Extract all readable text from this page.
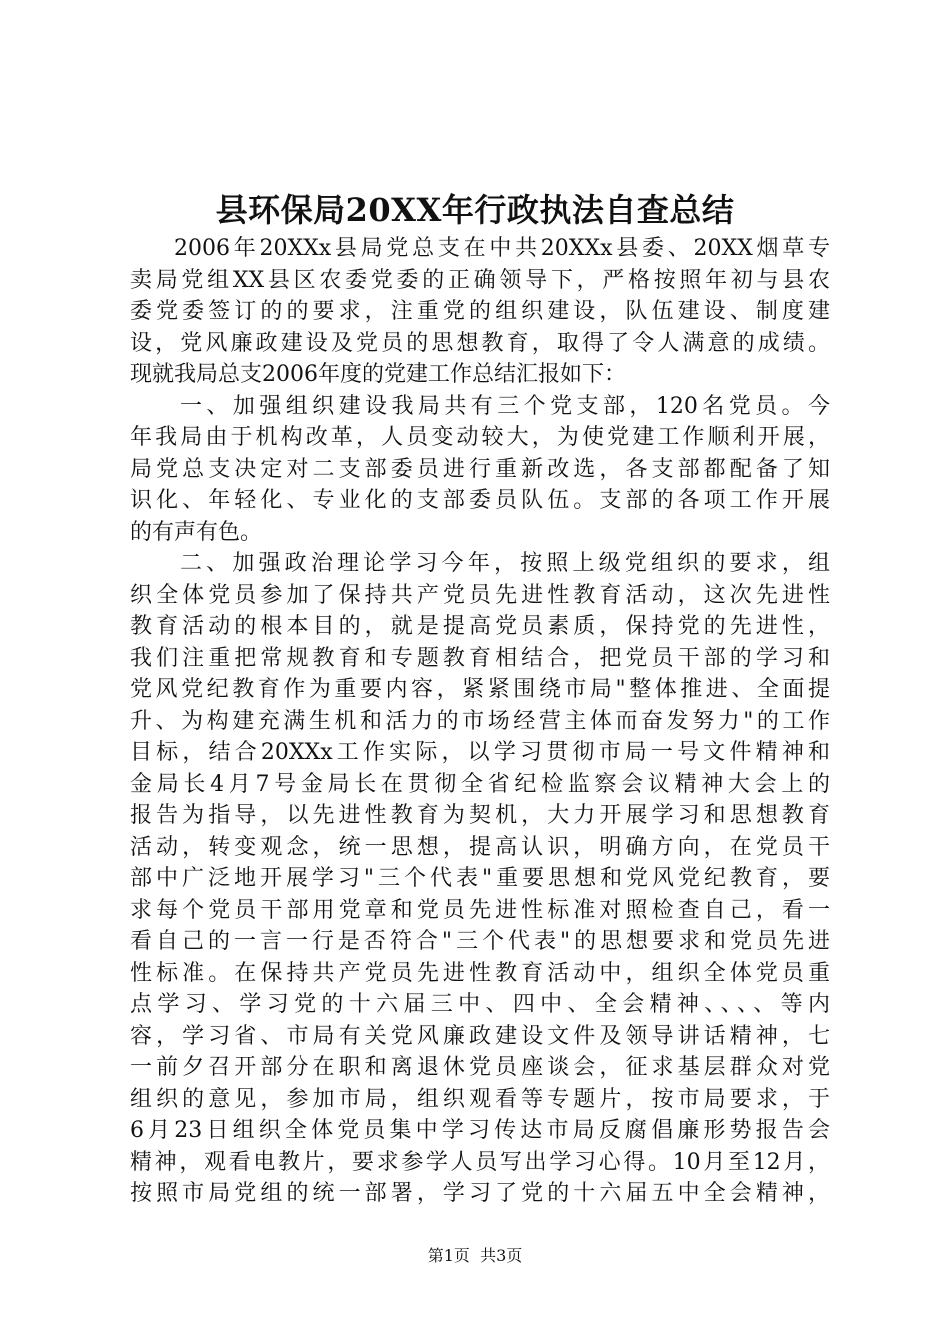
县环保局20XX年行政执法自查总结
2006年20XXx县局党总支在中共20XXx县委、20XX烟草专
卖局党组XX县区农委党委的正确领导下，严格按照年初与县农
委党委签订的的要求，注重党的组织建设，队伍建设、制度建
设，党风廉政建设及党员的思想教育，取得了令人满意的成绩。
现就我局总支2006年度的党建工作总结汇报如下：
一、加强组织建设我局共有三个党支部，120名党员。今
年我局由于机构改革，人员变动较大，为使党建工作顺利开展，
局党总支决定对二支部委员进行重新改选，各支部都配备了知
识化、年轻化、专业化的支部委员队伍。支部的各项工作开展
的有声有色。
二、加强政治理论学习今年，按照上级党组织的要求，组
织全体党员参加了保持共产党员先进性教育活动，这次先进性
教育活动的根本目的，就是提高党员素质，保持党的先进性，
我们注重把常规教育和专题教育相结合，把党员干部的学习和
党风党纪教育作为重要内容，紧紧围绕市局"整体推进、全面提
升、为构建充满生机和活力的市场经营主体而奋发努力"的工作
目标，结合20XXx工作实际，以学习贯彻市局一号文件精神和
金局长4月7号金局长在贯彻全省纪检监察会议精神大会上的
报告为指导，以先进性教育为契机，大力开展学习和思想教育
活动，转变观念，统一思想，提高认识，明确方向，在党员干
部中广泛地开展学习"三个代表"重要思想和党风党纪教育，要
求每个党员干部用党章和党员先进性标准对照检查自己，看一
看自己的一言一行是否符合"三个代表"的思想要求和党员先进
性标准。在保持共产党员先进性教育活动中，组织全体党员重
点学习、学习党的十六届三中、四中、全会精神、、、、等内
容，学习省、市局有关党风廉政建设文件及领导讲话精神，七
一前夕召开部分在职和离退休党员座谈会，征求基层群众对党
组织的意见，参加市局，组织观看等专题片，按市局要求，于
6月23日组织全体党员集中学习传达市局反腐倡廉形势报告会
精神，观看电教片，要求参学人员写出学习心得。10月至12月，
按照市局党组的统一部署，学习了党的十六届五中全会精神，
第1页  共3页
